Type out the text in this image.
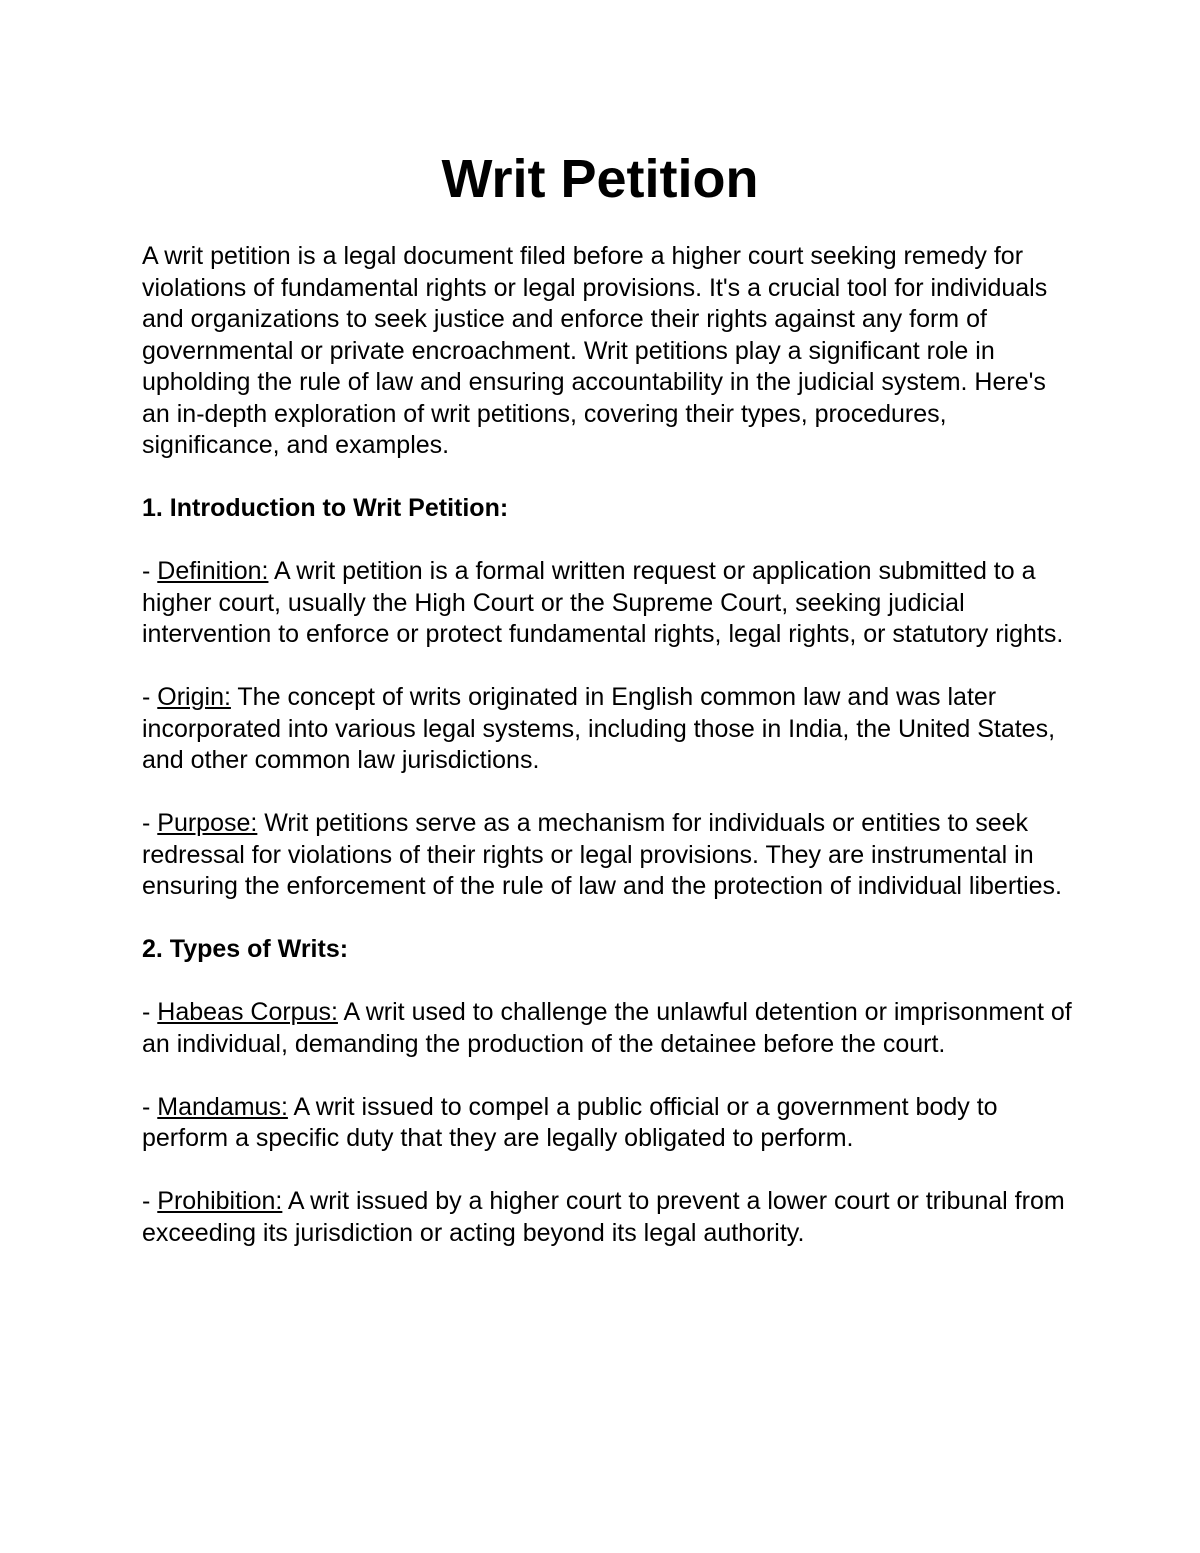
Writ Petition

A writ petition is a legal document filed before a higher court seeking remedy for violations of fundamental rights or legal provisions. It's a crucial tool for individuals and organizations to seek justice and enforce their rights against any form of governmental or private encroachment. Writ petitions play a significant role in upholding the rule of law and ensuring accountability in the judicial system. Here's an in-depth exploration of writ petitions, covering their types, procedures, significance, and examples.

1. Introduction to Writ Petition:

- Definition: A writ petition is a formal written request or application submitted to a higher court, usually the High Court or the Supreme Court, seeking judicial intervention to enforce or protect fundamental rights, legal rights, or statutory rights.

- Origin: The concept of writs originated in English common law and was later incorporated into various legal systems, including those in India, the United States, and other common law jurisdictions.

- Purpose: Writ petitions serve as a mechanism for individuals or entities to seek redressal for violations of their rights or legal provisions. They are instrumental in ensuring the enforcement of the rule of law and the protection of individual liberties.

2. Types of Writs:

- Habeas Corpus: A writ used to challenge the unlawful detention or imprisonment of an individual, demanding the production of the detainee before the court.

- Mandamus: A writ issued to compel a public official or a government body to perform a specific duty that they are legally obligated to perform.

- Prohibition: A writ issued by a higher court to prevent a lower court or tribunal from exceeding its jurisdiction or acting beyond its legal authority.
